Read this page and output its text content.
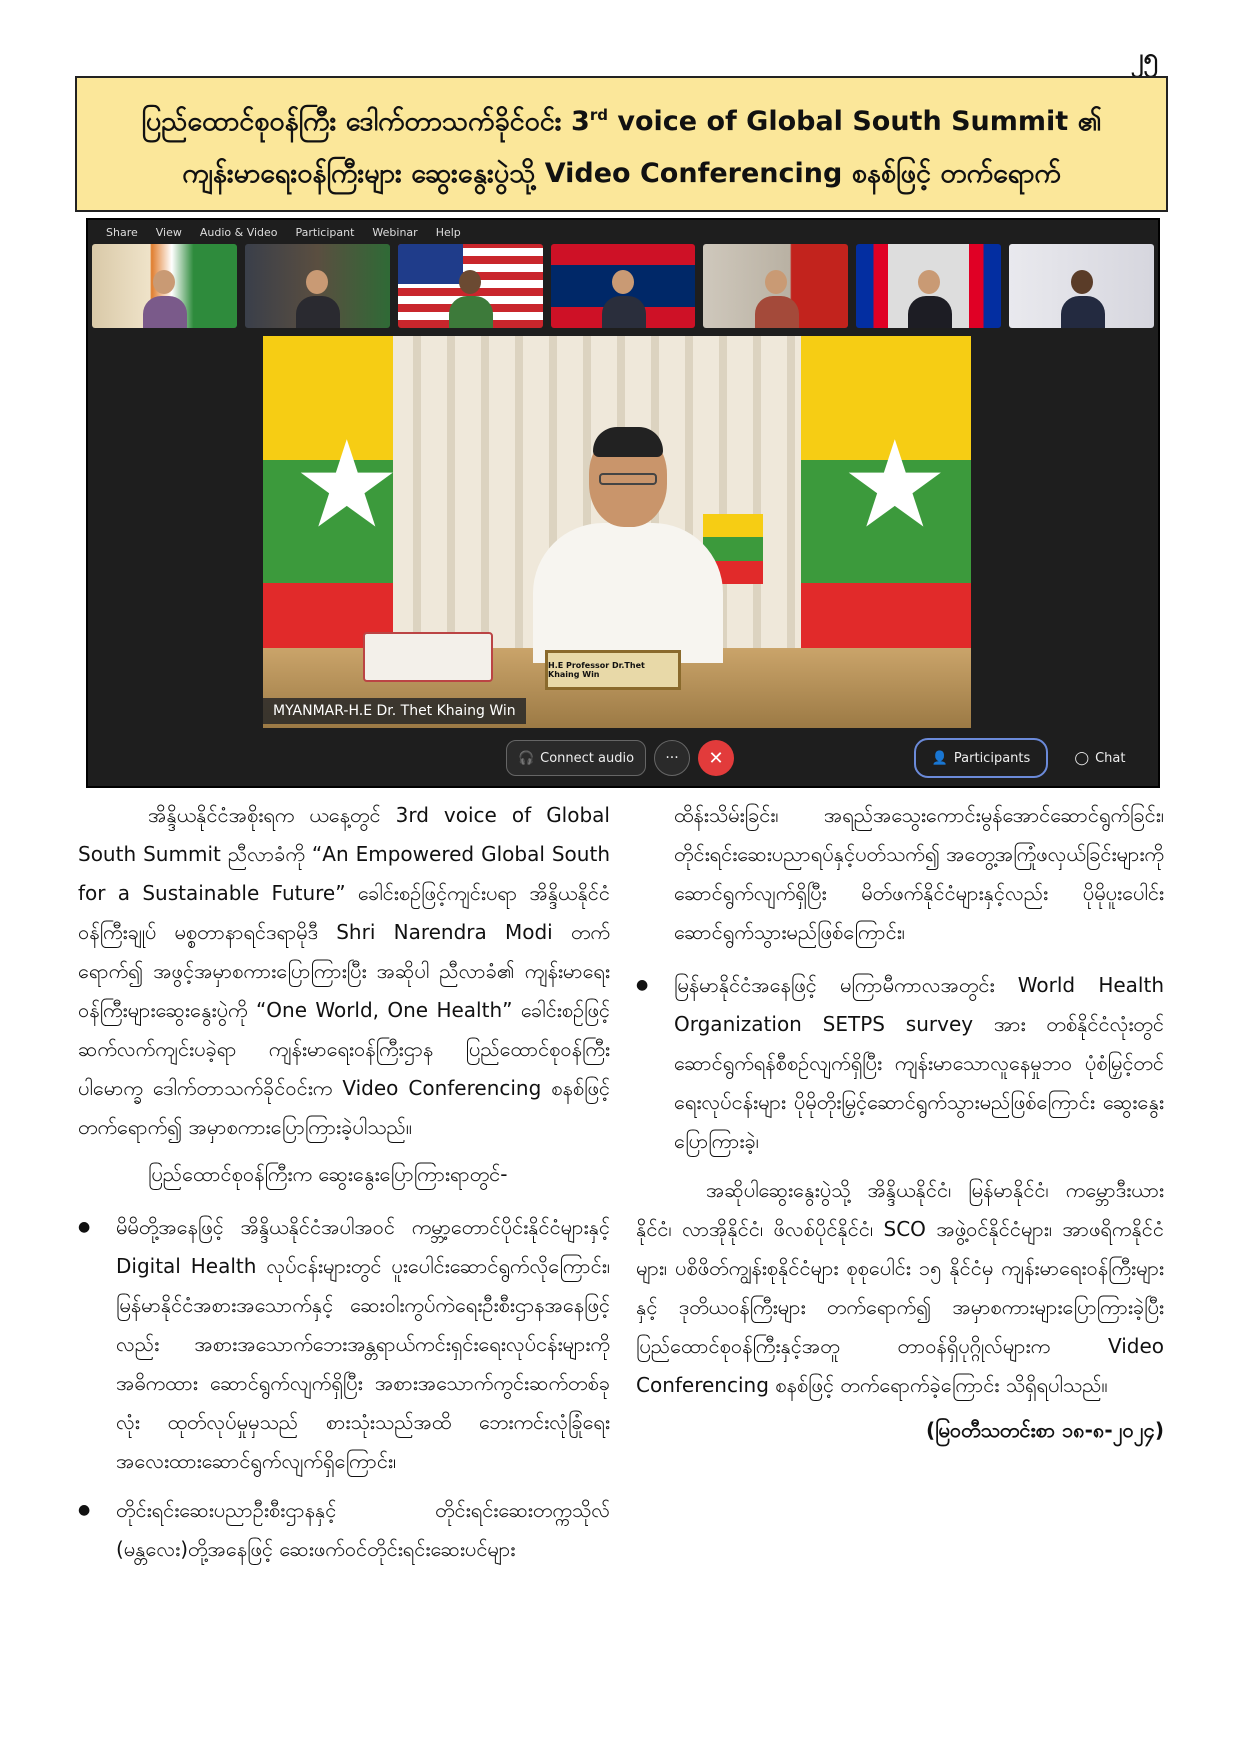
၂၅
ပြည်ထောင်စုဝန်ကြီး ဒေါက်တာသက်ခိုင်ဝင်း 3rd voice of Global South Summit ၏
ကျန်းမာရေးဝန်ကြီးများ ဆွေးနွေးပွဲသို့ Video Conferencing စနစ်ဖြင့် တက်ရောက်
Share View Audio & Video Participant Webinar Help
★	★
H.E Professor Dr.Thet Khaing Win
MYANMAR-H.E Dr. Thet Khaing Win
🎧 Connect audio	···	✕	👤 Participants	◯ Chat

အိန္ဒိယနိုင်ငံအစိုးရက ယနေ့တွင် 3rd voice of Global South Summit ညီလာခံကို “An Empowered Global South for a Sustainable Future” ခေါင်းစဉ်ဖြင့်ကျင်းပရာ အိန္ဒိယနိုင်ငံဝန်ကြီးချုပ် မစ္စတာနာရင်ဒရာမိုဒီ Shri Narendra Modi တက်ရောက်၍ အဖွင့်အမှာစကားပြောကြားပြီး အဆိုပါ ညီလာခံ၏ ကျန်းမာရေးဝန်ကြီးများဆွေးနွေးပွဲကို “One World, One Health” ခေါင်းစဉ်ဖြင့် ဆက်လက်ကျင်းပခဲ့ရာ ကျန်းမာရေးဝန်ကြီးဌာန ပြည်ထောင်စုဝန်ကြီးပါမောက္ခ ဒေါက်တာသက်ခိုင်ဝင်းက Video Conferencing စနစ်ဖြင့် တက်ရောက်၍ အမှာစကားပြောကြားခဲ့ပါသည်။

ပြည်ထောင်စုဝန်ကြီးက ဆွေးနွေးပြောကြားရာတွင်-

● မိမိတို့အနေဖြင့် အိန္ဒိယနိုင်ငံအပါအဝင် ကမ္ဘာ့တောင်ပိုင်းနိုင်ငံများနှင့် Digital Health လုပ်ငန်းများတွင် ပူးပေါင်းဆောင်ရွက်လိုကြောင်း၊ မြန်မာနိုင်ငံအစားအသောက်နှင့် ဆေးဝါးကွပ်ကဲရေးဦးစီးဌာနအနေဖြင့်လည်း အစားအသောက်ဘေးအန္တရာယ်ကင်းရှင်းရေးလုပ်ငန်းများကို အဓိကထား ဆောင်ရွက်လျက်ရှိပြီး အစားအသောက်ကွင်းဆက်တစ်ခုလုံး ထုတ်လုပ်မှုမှသည် စားသုံးသည်အထိ ဘေးကင်းလုံခြုံရေး အလေးထားဆောင်ရွက်လျက်ရှိကြောင်း၊
● တိုင်းရင်းဆေးပညာဦးစီးဌာနနှင့် တိုင်းရင်းဆေးတက္ကသိုလ် (မန္တလေး)တို့အနေဖြင့် ဆေးဖက်ဝင်တိုင်းရင်းဆေးပင်များ

ထိန်းသိမ်းခြင်း၊ အရည်အသွေးကောင်းမွန်အောင်ဆောင်ရွက်ခြင်း၊ တိုင်းရင်းဆေးပညာရပ်နှင့်ပတ်သက်၍ အတွေ့အကြုံဖလှယ်ခြင်းများကို ဆောင်ရွက်လျက်ရှိပြီး မိတ်ဖက်နိုင်ငံများနှင့်လည်း ပိုမိုပူးပေါင်းဆောင်ရွက်သွားမည်ဖြစ်ကြောင်း၊

● မြန်မာနိုင်ငံအနေဖြင့် မကြာမီကာလအတွင်း World Health Organization SETPS survey အား တစ်နိုင်ငံလုံးတွင် ဆောင်ရွက်ရန်စီစဉ်လျက်ရှိပြီး ကျန်းမာသောလူနေမှုဘဝ ပုံစံမြှင့်တင်ရေးလုပ်ငန်းများ ပိုမိုတိုးမြှင့်ဆောင်ရွက်သွားမည်ဖြစ်ကြောင်း ဆွေးနွေးပြောကြားခဲ့၊

အဆိုပါဆွေးနွေးပွဲသို့ အိန္ဒိယနိုင်ငံ၊ မြန်မာနိုင်ငံ၊ ကမ္ဘောဒီးယားနိုင်ငံ၊ လာအိုနိုင်ငံ၊ ဖိလစ်ပိုင်နိုင်ငံ၊ SCO အဖွဲ့ဝင်နိုင်ငံများ၊ အာဖရိကနိုင်ငံများ၊ ပစိဖိတ်ကျွန်းစုနိုင်ငံများ စုစုပေါင်း ၁၅ နိုင်ငံမှ ကျန်းမာရေးဝန်ကြီးများနှင့် ဒုတိယဝန်ကြီးများ တက်ရောက်၍ အမှာစကားများပြောကြားခဲ့ပြီး ပြည်ထောင်စုဝန်ကြီးနှင့်အတူ တာဝန်ရှိပုဂ္ဂိုလ်များက Video Conferencing စနစ်ဖြင့် တက်ရောက်ခဲ့ကြောင်း သိရှိရပါသည်။

(မြဝတီသတင်းစာ ၁၈-၈-၂၀၂၄)
